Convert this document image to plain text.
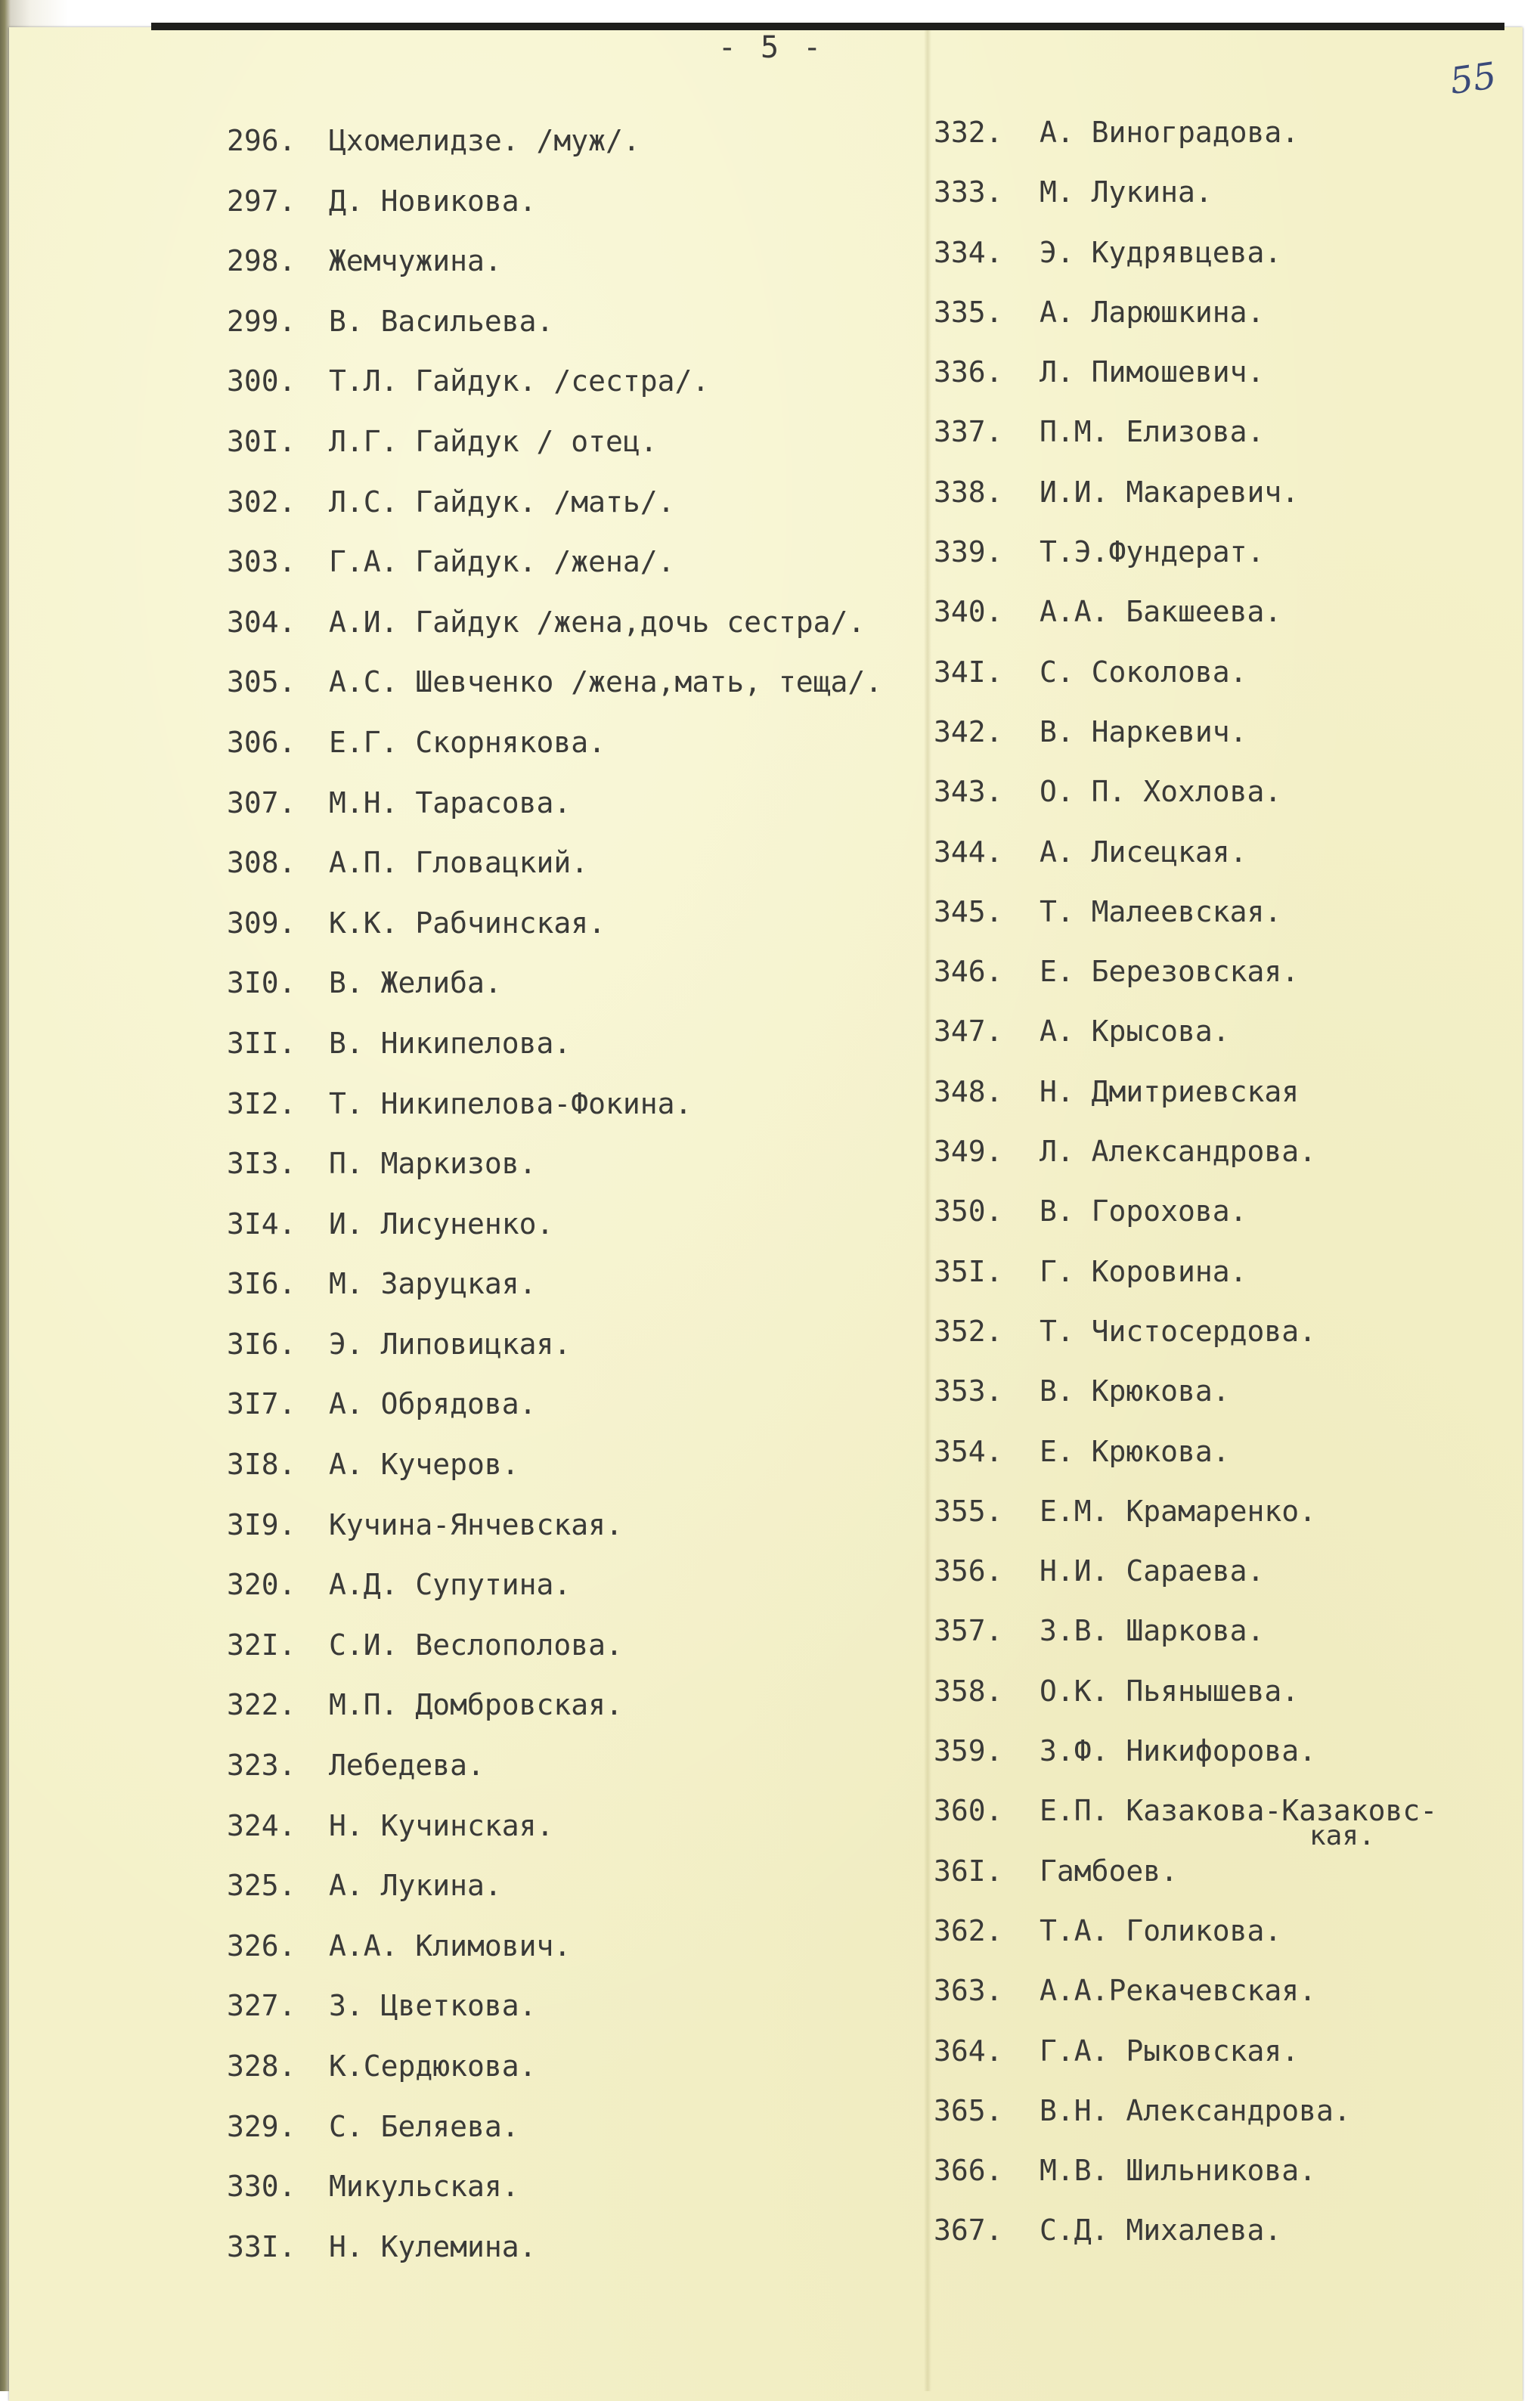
- 5 -
55
296. Цхомелидзе. /муж/.
297. Д. Новикова.
298. Жемчужина.
299. В. Васильева.
300. Т.Л. Гайдук. /сестра/.
30I. Л.Г. Гайдук / отец.
302. Л.С. Гайдук. /мать/.
303. Г.А. Гайдук. /жена/.
304. А.И. Гайдук /жена,дочь сестра/.
305. А.С. Шевченко /жена,мать, теща/.
306. Е.Г. Скорнякова.
307. М.Н. Тарасова.
308. А.П. Гловацкий.
309. К.К. Рабчинская.
3I0. В. Желиба.
3II. В. Никипелова.
3I2. Т. Никипелова-Фокина.
3I3. П. Маркизов.
3I4. И. Лисуненко.
3I6. М. Заруцкая.
3I6. Э. Липовицкая.
3I7. А. Обрядова.
3I8. А. Кучеров.
3I9. Кучина-Янчевская.
320. А.Д. Супутина.
32I. С.И. Веслополова.
322. М.П. Домбровская.
323. Лебедева.
324. Н. Кучинская.
325. А. Лукина.
326. А.А. Климович.
327. З. Цветкова.
328. К.Сердюкова.
329. С. Беляева.
330. Микульская.
33I. Н. Кулемина.
332. А. Виноградова.
333. М. Лукина.
334. Э. Кудрявцева.
335. А. Ларюшкина.
336. Л. Пимошевич.
337. П.М. Елизова.
338. И.И. Макаревич.
339. Т.Э.Фундерат.
340. А.А. Бакшеева.
34I. С. Соколова.
342. В. Наркевич.
343. О. П. Хохлова.
344. А. Лисецкая.
345. Т. Малеевская.
346. Е. Березовская.
347. А. Крысова.
348. Н. Дмитриевская
349. Л. Александрова.
350. В. Горохова.
35I. Г. Коровина.
352. Т. Чистосердова.
353.В. Крюкова.
354. Е. Крюкова.
355. Е.М. Крамаренко.
356. Н.И. Сараева.
357. З.В. Шаркова.
358. О.К. Пьянышева.
359. З.Ф. Никифорова.
360. Е.П. Казакова-Казаковс-
кая.
36I. Гамбоев.
362. Т.А. Голикова.
363. А.А.Рекачевская.
364. Г.А. Рыковская.
365. В.Н. Александрова.
366. М.В. Шильникова.
367. С.Д. Михалева.
